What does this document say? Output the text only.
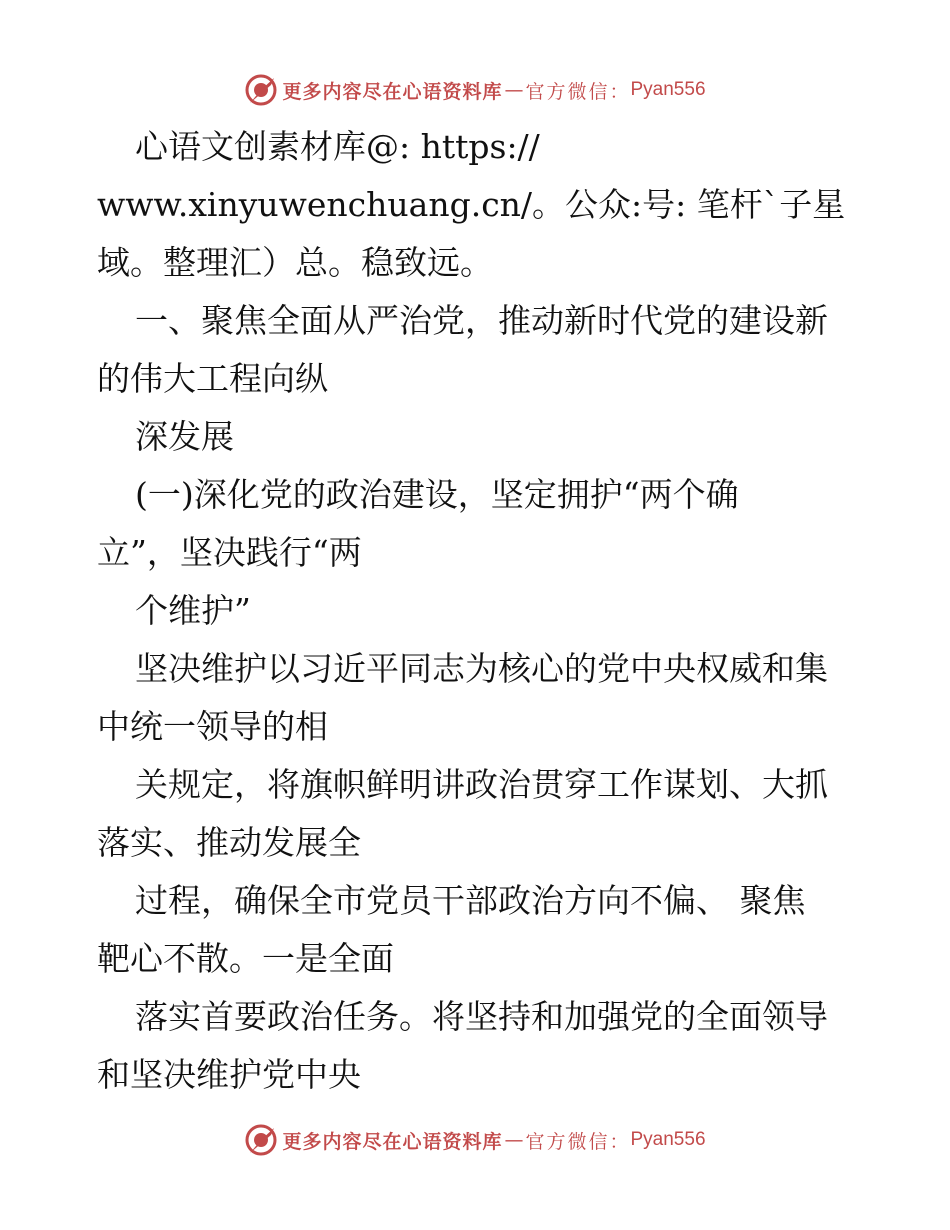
更多内容尽在心语资料库 — 官方微信： Pyan556

心语文创素材库@: https://

www.xinyuwenchuang.cn/。公众:号: 笔杆`子星

域。整理汇）总。稳致远。

一、聚焦全面从严治党，推动新时代党的建设新

的伟大工程向纵

深发展

(一)深化党的政治建设，坚定拥护“两个确

立”，坚决践行“两

个维护”

坚决维护以习近平同志为核心的党中央权威和集

中统一领导的相

关规定，将旗帜鲜明讲政治贯穿工作谋划、大抓

落实、推动发展全

过程，确保全市党员干部政治方向不偏、 聚焦

靶心不散。一是全面

落实首要政治任务。将坚持和加强党的全面领导

和坚决维护党中央

更多内容尽在心语资料库 — 官方微信： Pyan556
